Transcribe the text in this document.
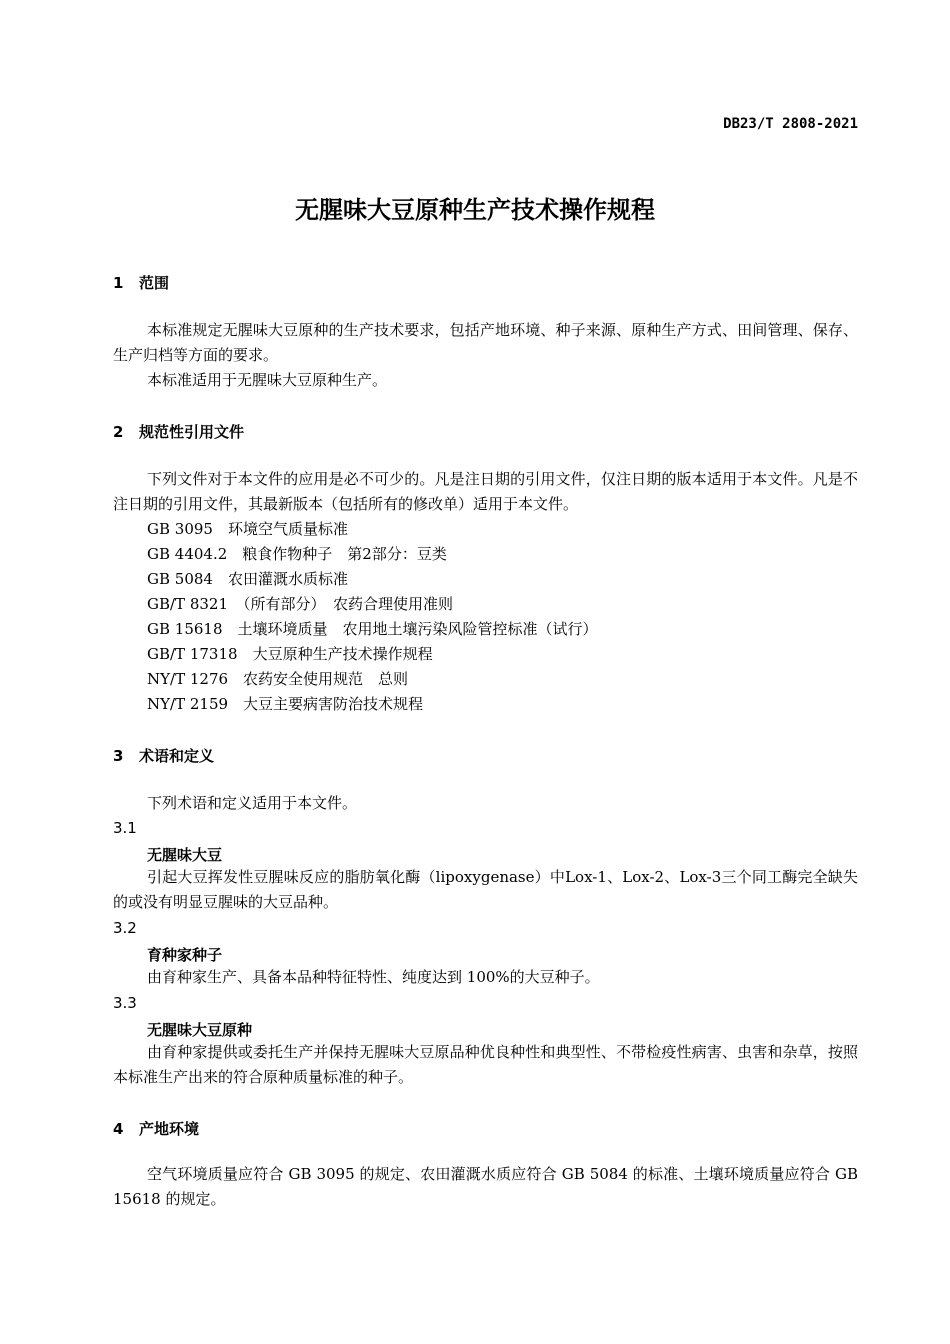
DB23/T 2808-2021
无腥味大豆原种生产技术操作规程
1 范围
本标准规定无腥味大豆原种的生产技术要求，包括产地环境、种子来源、原种生产方式、田间管理、保存、生产归档等方面的要求。
本标准适用于无腥味大豆原种生产。
2 规范性引用文件
下列文件对于本文件的应用是必不可少的。凡是注日期的引用文件，仅注日期的版本适用于本文件。凡是不注日期的引用文件，其最新版本（包括所有的修改单）适用于本文件。
GB 3095　 环境空气质量标准
GB 4404.2　 粮食作物种子　第2部分：豆类
GB 5084　 农田灌溉水质标准
GB/T 8321　 （所有部分）　农药合理使用准则
GB 15618　 土壤环境质量　农用地土壤污染风险管控标准（试行）
GB/T 17318　 大豆原种生产技术操作规程
NY/T 1276　 农药安全使用规范　总则
NY/T 2159　 大豆主要病害防治技术规程
3 术语和定义
下列术语和定义适用于本文件。
3.1
无腥味大豆
引起大豆挥发性豆腥味反应的脂肪氧化酶（lipoxygenase）中Lox-1、Lox-2、Lox-3三个同工酶完全缺失的或没有明显豆腥味的大豆品种。
3.2
育种家种子
由育种家生产、具备本品种特征特性、纯度达到 100%的大豆种子。
3.3
无腥味大豆原种
由育种家提供或委托生产并保持无腥味大豆原品种优良种性和典型性、不带检疫性病害、虫害和杂草，按照本标准生产出来的符合原种质量标准的种子。
4 产地环境
空气环境质量应符合 GB 3095 的规定、农田灌溉水质应符合 GB 5084 的标准、土壤环境质量应符合 GB 15618 的规定。
